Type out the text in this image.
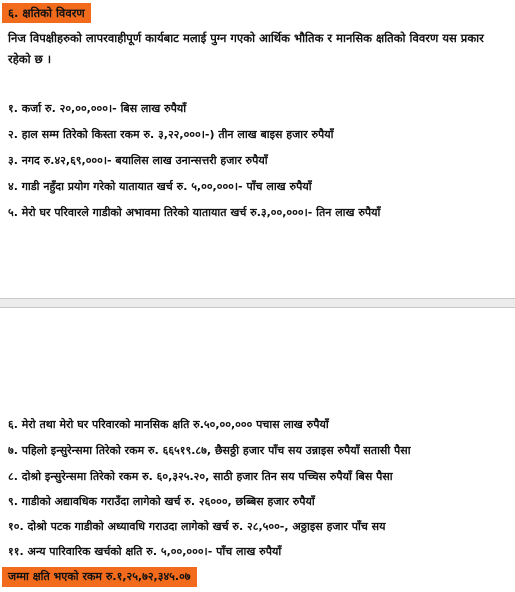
६. क्षतिको विवरण
निज विपक्षीहरुको लापरवाहीपूर्ण कार्यबाट मलाई पुग्न गएको आर्थिक भौतिक र मानसिक क्षतिको विवरण यस प्रकार रहेको छ ।
१. कर्जा रु. २०,००,०००।- बिस लाख रुपैयाँ
२. हाल सम्म तिरेको किस्ता रकम रु. ३,२२,०००।-) तीन लाख बाइस हजार रुपैयाँ
३. नगद रु.४२,६९,०००।- बयालिस लाख उनान्सत्तरी हजार रुपैयाँ
४. गाडी नहुँदा प्रयोग गरेको यातायात खर्च रु. ५,००,०००।- पाँच लाख रुपैयाँ
५. मेरो घर परिवारले गाडीको अभावमा तिरेको यातायात खर्च रु.३,००,०००।- तिन लाख रुपैयाँ
६. मेरो तथा मेरो घर परिवारको मानसिक क्षति रु.५०,००,००० पचास लाख रुपैयाँ
७. पहिलो इन्सुरेन्समा तिरेको रकम रु. ६६५१९.८७, छैसठ्ठी हजार पाँच सय उन्नाइस रुपैयाँ सतासी पैसा
८. दोश्रो इन्सुरेन्समा तिरेको रकम रु. ६०,३२५.२०, साठी हजार तिन सय पच्चिस रुपैयाँ बिस पैसा
९. गाडीको अद्यावधिक गराउँदा लागेको खर्च रु. २६०००, छब्बिस हजार रुपैयाँ
१०. दोश्रो पटक गाडीको अध्यावधि गराउदा लागेको खर्च रु. २८,५००-, अठ्ठाइस हजार पाँच सय
११. अन्य पारिवारिक खर्चको क्षति रु. ५,००,०००।- पाँच लाख रुपैयाँ
जम्मा क्षति भएको रकम रु.१,२५,७२,३४५.०७
